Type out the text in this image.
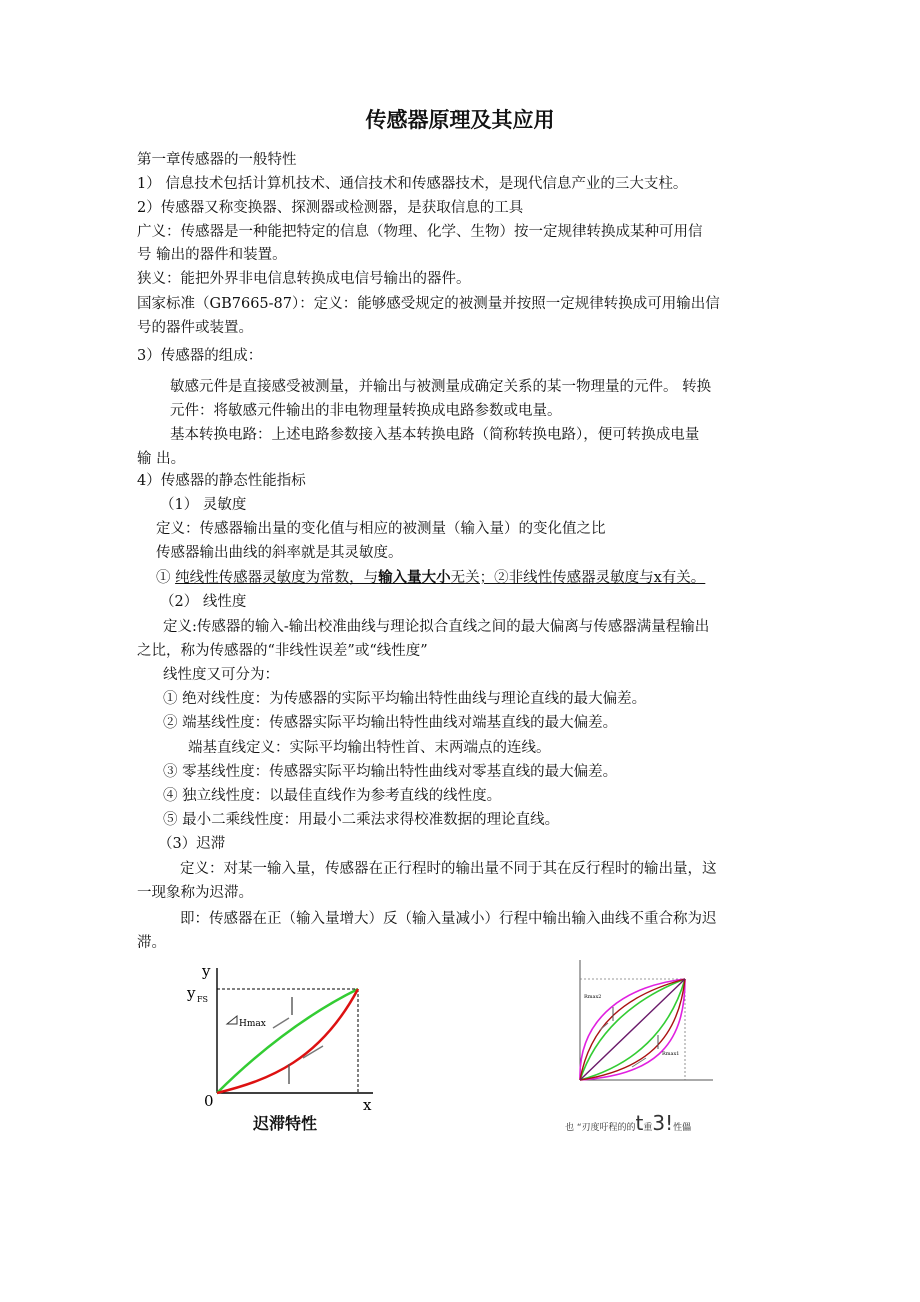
传感器原理及其应用
第一章传感器的一般特性
1） 信息技术包括计算机技术、通信技术和传感器技术，是现代信息产业的三大支柱。
2）传感器又称变换器、探测器或检测器，是获取信息的工具
广义：传感器是一种能把特定的信息（物理、化学、生物）按一定规律转换成某种可用信
号 输出的器件和装置。
狭义：能把外界非电信息转换成电信号输出的器件。
国家标准（GB7665-87）：定义：能够感受规定的被测量并按照一定规律转换成可用输出信
号的器件或装置。
3）传感器的组成：
敏感元件是直接感受被测量，并输出与被测量成确定关系的某一物理量的元件。 转换
元件：将敏感元件输出的非电物理量转换成电路参数或电量。
基本转换电路：上述电路参数接入基本转换电路（简称转换电路），便可转换成电量
输 出。
4）传感器的静态性能指标
（1） 灵敏度
定义：传感器输出量的变化值与相应的被测量（输入量）的变化值之比
传感器输出曲线的斜率就是其灵敏度。
① 纯线性传感器灵敏度为常数，与输入量大小无关；②非线性传感器灵敏度与x有关。
（2） 线性度
定义:传感器的输入-输出校准曲线与理论拟合直线之间的最大偏离与传感器满量程输出
之比，称为传感器的“非线性误差”或“线性度”
线性度又可分为：
① 绝对线性度：为传感器的实际平均输出特性曲线与理论直线的最大偏差。
② 端基线性度：传感器实际平均输出特性曲线对端基直线的最大偏差。
端基直线定义：实际平均输出特性首、末两端点的连线。
③ 零基线性度：传感器实际平均输出特性曲线对零基直线的最大偏差。
④ 独立线性度：以最佳直线作为参考直线的线性度。
⑤ 最小二乘线性度：用最小二乘法求得校准数据的理论直线。
（3）迟滞
定义：对某一输入量，传感器在正行程时的输出量不同于其在反行程时的输出量，这
一现象称为迟滞。
即：传感器在正（输入量增大）反（输入量减小）行程中输出输入曲线不重合称为迟
滞。
Hmax
y
y FS
0	x
迟滞特性
Rmax2
Rmax1
也 “刃度吁程的的t重3!性儡
